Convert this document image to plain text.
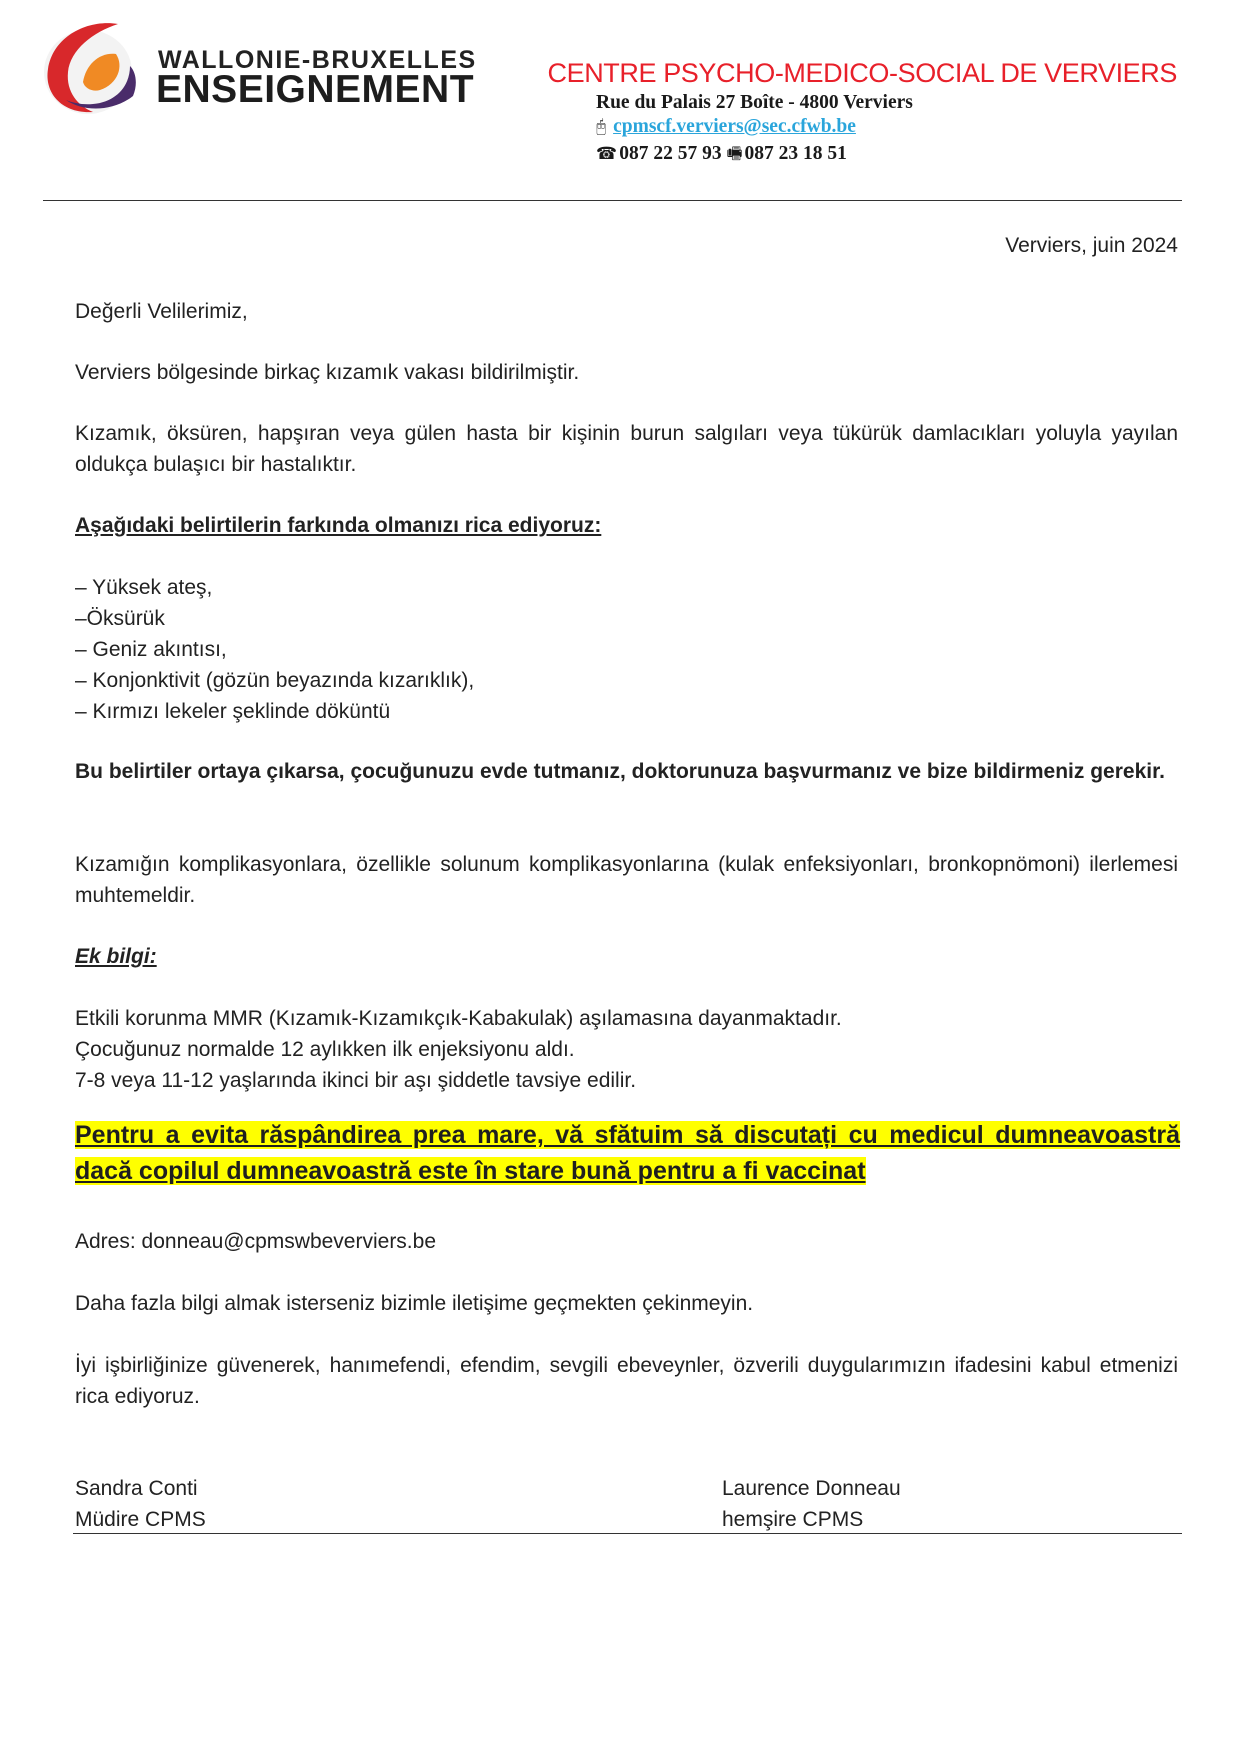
WALLONIE-BRUXELLES
ENSEIGNEMENT	CENTRE PSYCHO-MEDICO-SOCIAL DE VERVIERS
Rue du Palais 27 Boîte - 4800 Verviers
🖰 cpmscf.verviers@sec.cfwb.be
☎ 087 22 57 93 🖷 087 23 18 51
Verviers, juin 2024
Değerli Velilerimiz,
Verviers bölgesinde birkaç kızamık vakası bildirilmiştir.
Kızamık, öksüren, hapşıran veya gülen hasta bir kişinin burun salgıları veya tükürük damlacıkları yoluyla yayılan oldukça bulaşıcı bir hastalıktır.
Aşağıdaki belirtilerin farkında olmanızı rica ediyoruz:
– Yüksek ateş,
–Öksürük
– Geniz akıntısı,
– Konjonktivit (gözün beyazında kızarıklık),
– Kırmızı lekeler şeklinde döküntü
Bu belirtiler ortaya çıkarsa, çocuğunuzu evde tutmanız, doktorunuza başvurmanız ve bize bildirmeniz gerekir.
Kızamığın komplikasyonlara, özellikle solunum komplikasyonlarına (kulak enfeksiyonları, bronkopnömoni) ilerlemesi muhtemeldir.
Ek bilgi:
Etkili korunma MMR (Kızamık-Kızamıkçık-Kabakulak) aşılamasına dayanmaktadır.
Çocuğunuz normalde 12 aylıkken ilk enjeksiyonu aldı.
7-8 veya 11-12 yaşlarında ikinci bir aşı şiddetle tavsiye edilir.
Pentru a evita răspândirea prea mare, vă sfătuim să discutați cu medicul dumneavoastră dacă copilul dumneavoastră este în stare bună pentru a fi vaccinat
Adres: donneau@cpmswbeverviers.be
Daha fazla bilgi almak isterseniz bizimle iletişime geçmekten çekinmeyin.
İyi işbirliğinize güvenerek, hanımefendi, efendim, sevgili ebeveynler, özverili duygularımızın ifadesini kabul etmenizi rica ediyoruz.
Sandra Conti
Müdire CPMS
Laurence Donneau
hemşire CPMS
